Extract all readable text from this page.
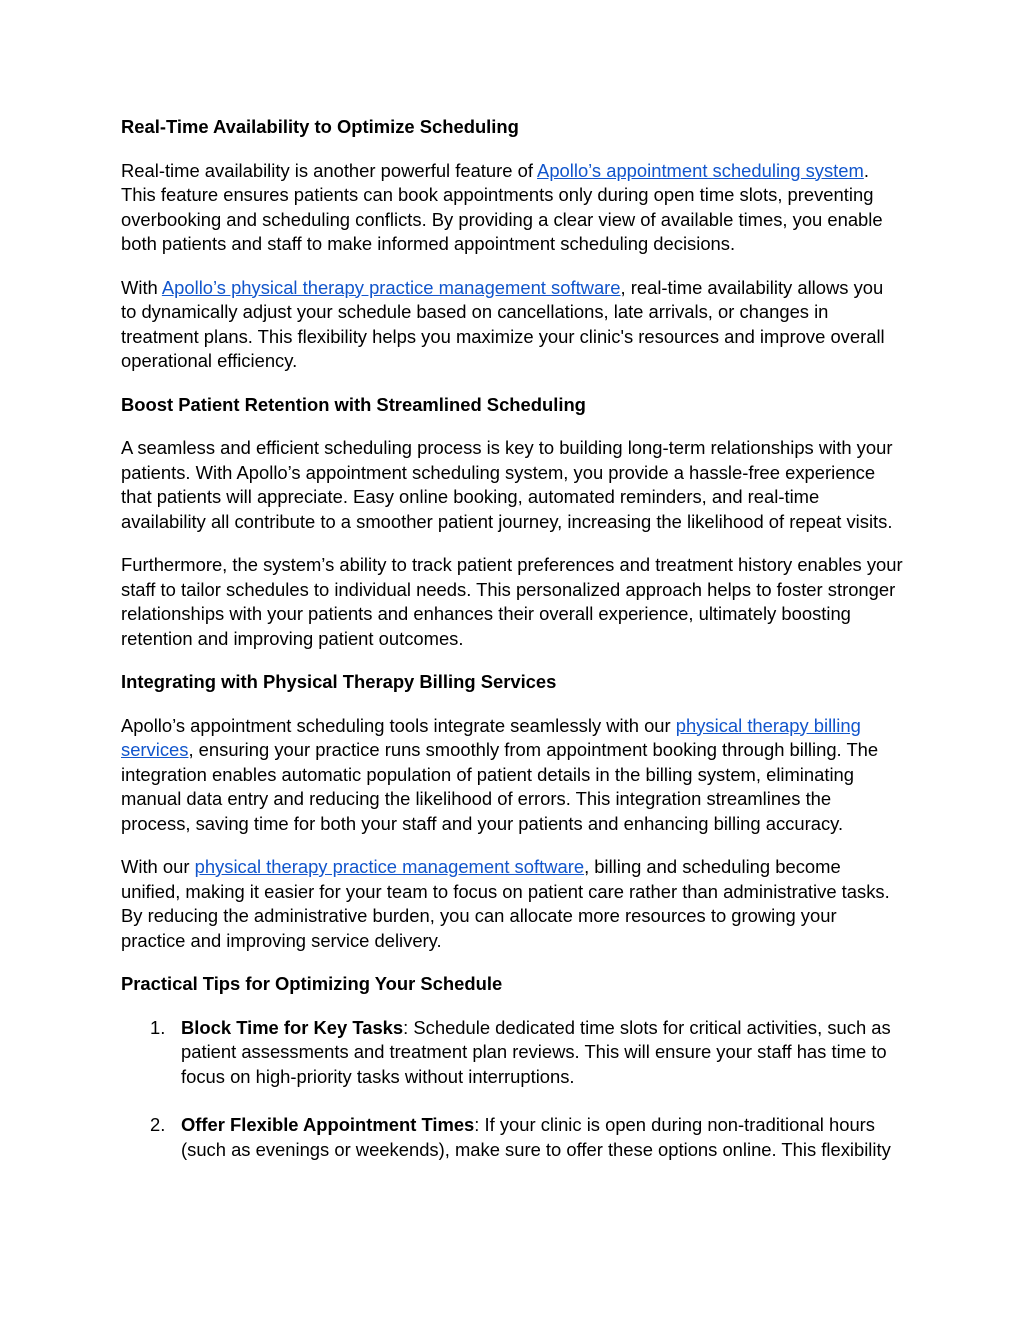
Real-Time Availability to Optimize Scheduling

Real-time availability is another powerful feature of Apollo’s appointment scheduling system. This feature ensures patients can book appointments only during open time slots, preventing overbooking and scheduling conflicts. By providing a clear view of available times, you enable both patients and staff to make informed appointment scheduling decisions.

With Apollo’s physical therapy practice management software, real-time availability allows you to dynamically adjust your schedule based on cancellations, late arrivals, or changes in treatment plans. This flexibility helps you maximize your clinic's resources and improve overall operational efficiency.

Boost Patient Retention with Streamlined Scheduling

A seamless and efficient scheduling process is key to building long-term relationships with your patients. With Apollo’s appointment scheduling system, you provide a hassle-free experience that patients will appreciate. Easy online booking, automated reminders, and real-time availability all contribute to a smoother patient journey, increasing the likelihood of repeat visits.

Furthermore, the system’s ability to track patient preferences and treatment history enables your staff to tailor schedules to individual needs. This personalized approach helps to foster stronger relationships with your patients and enhances their overall experience, ultimately boosting retention and improving patient outcomes.

Integrating with Physical Therapy Billing Services

Apollo’s appointment scheduling tools integrate seamlessly with our physical therapy billing services, ensuring your practice runs smoothly from appointment booking through billing. The integration enables automatic population of patient details in the billing system, eliminating manual data entry and reducing the likelihood of errors. This integration streamlines the process, saving time for both your staff and your patients and enhancing billing accuracy.

With our physical therapy practice management software, billing and scheduling become unified, making it easier for your team to focus on patient care rather than administrative tasks. By reducing the administrative burden, you can allocate more resources to growing your practice and improving service delivery.

Practical Tips for Optimizing Your Schedule
1. Block Time for Key Tasks: Schedule dedicated time slots for critical activities, such as patient assessments and treatment plan reviews. This will ensure your staff has time to focus on high-priority tasks without interruptions.
2. Offer Flexible Appointment Times: If your clinic is open during non-traditional hours (such as evenings or weekends), make sure to offer these options online. This flexibility
